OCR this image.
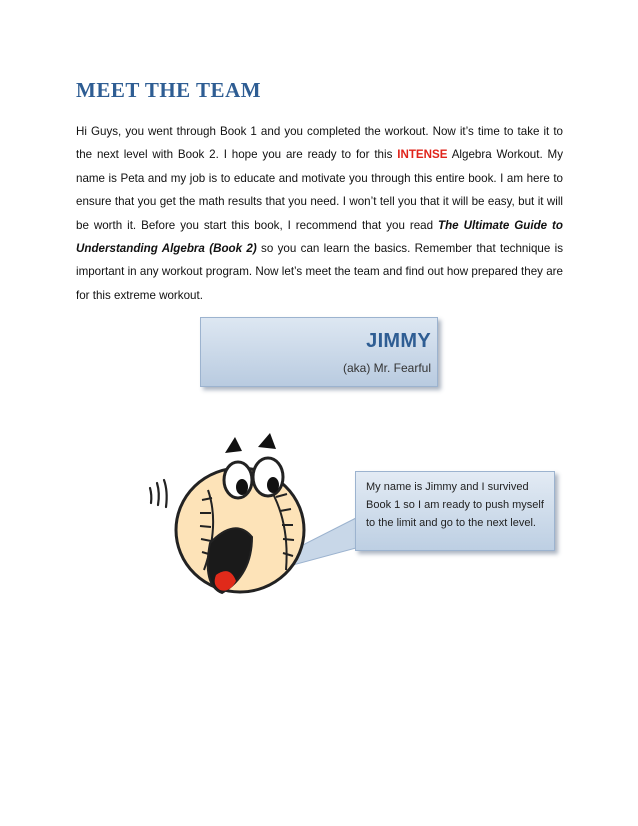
MEET THE TEAM

Hi Guys, you went through Book 1 and you completed the workout. Now it’s time to take it to the next level with Book 2. I hope you are ready to for this INTENSE Algebra Workout. My name is Peta and my job is to educate and motivate you through this entire book. I am here to ensure that you get the math results that you need. I won’t tell you that it will be easy, but it will be worth it. Before you start this book, I recommend that you read The Ultimate Guide to Understanding Algebra (Book 2) so you can learn the basics. Remember that technique is important in any workout program. Now let’s meet the team and find out how prepared they are for this extreme workout.

JIMMY
(aka) Mr. Fearful
My name is Jimmy and I survived Book 1 so I am ready to push myself to the limit and go to the next level.
